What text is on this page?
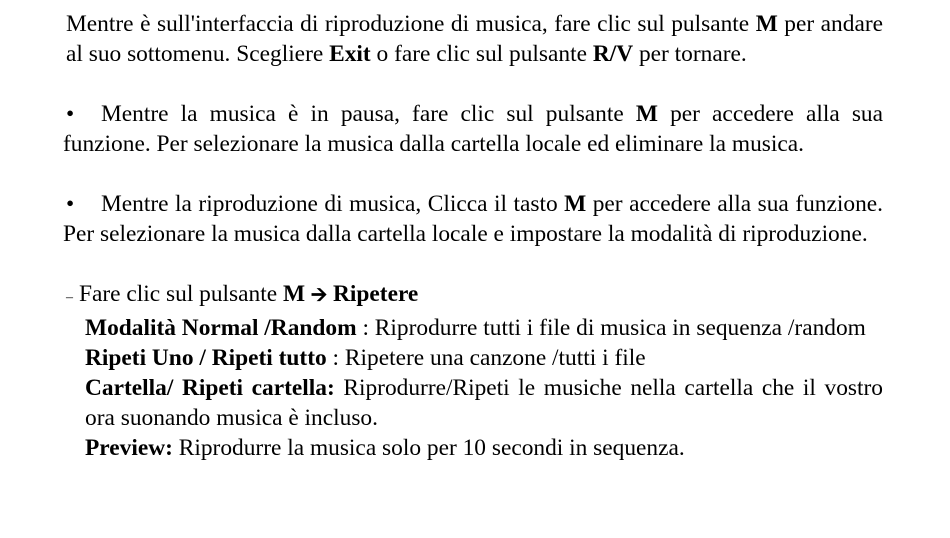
Mentre è sull'interfaccia di riproduzione di musica, fare clic sul pulsante M per andare al suo sottomenu. Scegliere Exit o fare clic sul pulsante R/V per tornare.
• Mentre la musica è in pausa, fare clic sul pulsante M per accedere alla sua funzione. Per selezionare la musica dalla cartella locale ed eliminare la musica.
• Mentre la riproduzione di musica, Clicca il tasto M per accedere alla sua funzione. Per selezionare la musica dalla cartella locale e impostare la modalità di riproduzione.
– Fare clic sul pulsante M 🡪 Ripetere
Modalità Normal /Random : Riprodurre tutti i file di musica in sequenza /random
Ripeti Uno / Ripeti tutto : Ripetere una canzone /tutti i file
Cartella/ Ripeti cartella: Riprodurre/Ripeti le musiche nella cartella che il vostro ora suonando musica è incluso.
Preview: Riprodurre la musica solo per 10 secondi in sequenza.
